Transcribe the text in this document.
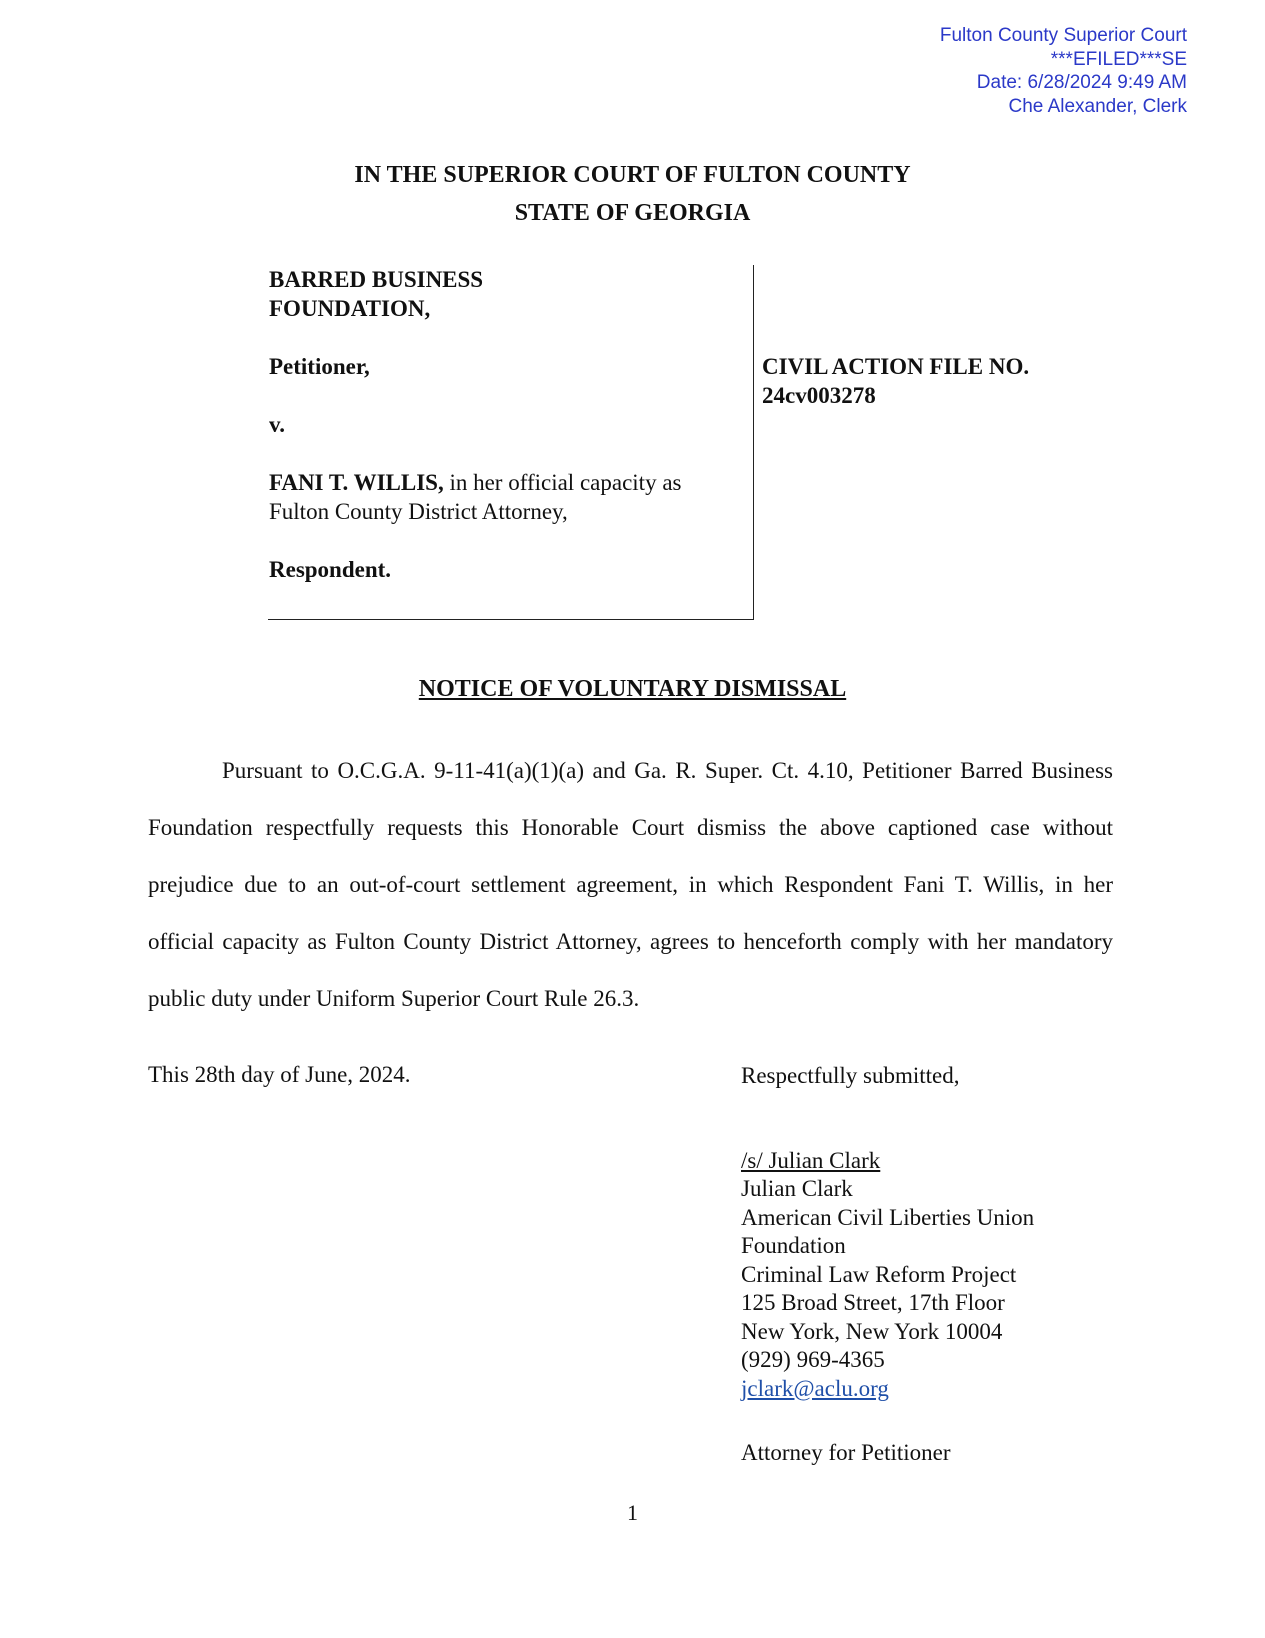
Fulton County Superior Court
***EFILED***SE
Date: 6/28/2024 9:49 AM
Che Alexander, Clerk
IN THE SUPERIOR COURT OF FULTON COUNTY
STATE OF GEORGIA
BARRED BUSINESS
FOUNDATION,
Petitioner,
v.
FANI T. WILLIS, in her official capacity as
Fulton County District Attorney,
Respondent.
CIVIL ACTION FILE NO.
24cv003278
NOTICE OF VOLUNTARY DISMISSAL
Pursuant to O.C.G.A. 9-11-41(a)(1)(a) and Ga. R. Super. Ct. 4.10, Petitioner Barred Business Foundation respectfully requests this Honorable Court dismiss the above captioned case without prejudice due to an out-of-court settlement agreement, in which Respondent Fani T. Willis, in her official capacity as Fulton County District Attorney, agrees to henceforth comply with her mandatory public duty under Uniform Superior Court Rule 26.3.
This 28th day of June, 2024.	Respectfully submitted,
/s/ Julian Clark
Julian Clark
American Civil Liberties Union
Foundation
Criminal Law Reform Project
125 Broad Street, 17th Floor
New York, New York 10004
(929) 969-4365
jclark@aclu.org
Attorney for Petitioner
1
